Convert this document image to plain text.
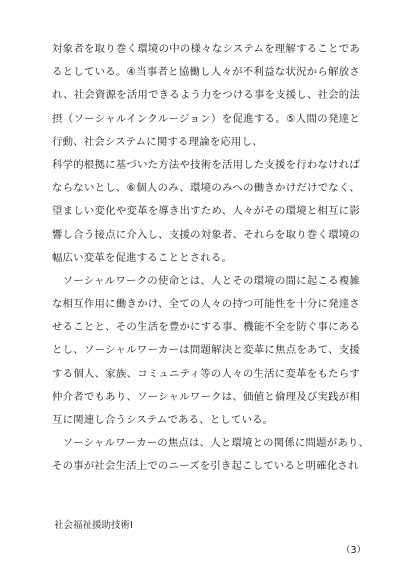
対象者を取り巻く環境の中の様々なシステムを理解することであ
るとしている。④当事者と協働し人々が不利益な状況から解放さ
れ、社会資源を活用できるよう力をつける事を支援し、社会的法
摂（ソーシャルインクルージョン）を促進する。⑤人間の発達と
行動、社会システムに関する理論を応用し、
科学的根拠に基づいた方法や技術を活用した支援を行わなければ
ならないとし、⑥個人のみ、環境のみへの働きかけだけでなく、
望ましい変化や変革を導き出すため、人々がその環境と相互に影
響し合う接点に介入し、支援の対象者、それらを取り巻く環境の
幅広い変革を促進することとされる。
　ソーシャルワークの使命とは、人とその環境の間に起こる複雑
な相互作用に働きかけ、全ての人々の持つ可能性を十分に発達さ
せることと、その生活を豊かにする事、機能不全を防ぐ事にある
とし、ソーシャルワーカーは問題解決と変革に焦点をあて、支援
する個人、家族、コミュニティ等の人々の生活に変革をもたらす
仲介者でもあり、ソーシャルワークは、価値と倫理及び実践が相
互に関連し合うシステムである、としている。
　ソーシャルワーカーの焦点は、人と環境との関係に問題があり、
その事が社会生活上でのニーズを引き起こしていると明確化され
社会福祉援助技術Ⅰ
（3）
